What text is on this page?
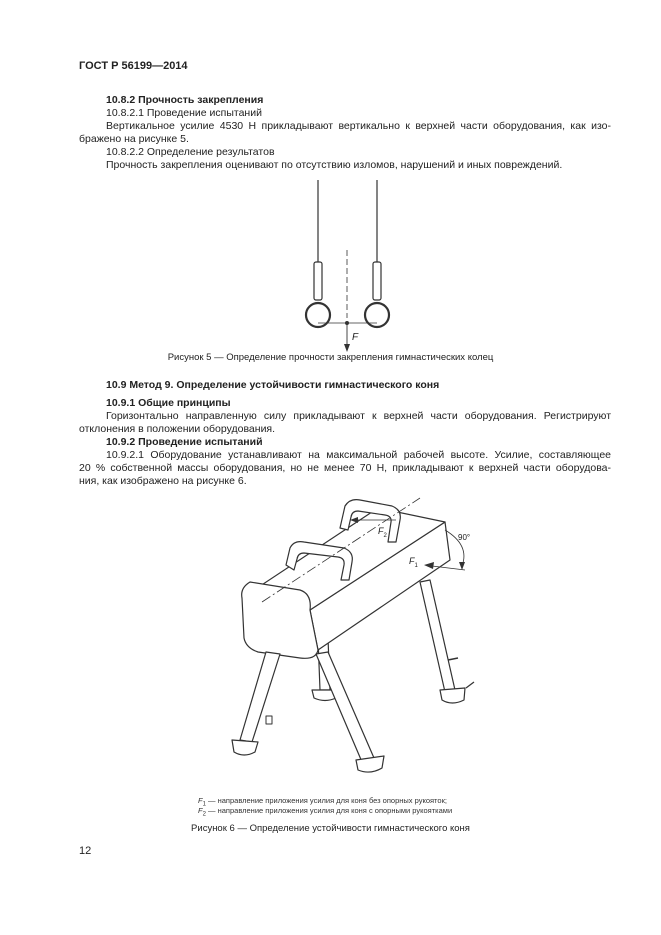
ГОСТ Р 56199—2014
10.8.2 Прочность закрепления
10.8.2.1 Проведение испытаний
Вертикальное усилие 4530 Н прикладывают вертикально к верхней части оборудования, как изо-
бражено на рисунке 5.
10.8.2.2 Определение результатов
Прочность закрепления оценивают по отсутствию изломов, нарушений и иных повреждений.
F
Рисунок 5 — Определение прочности закрепления гимнастических колец
10.9 Метод 9. Определение устойчивости гимнастического коня
10.9.1 Общие принципы
Горизонтально направленную силу прикладывают к верхней части оборудования. Регистрируют
отклонения в положении оборудования.
10.9.2 Проведение испытаний
10.9.2.1 Оборудование устанавливают на максимальной рабочей высоте. Усилие, составляющее
20 % собственной массы оборудования, но не менее 70 Н, прикладывают к верхней части оборудова-
ния, как изображено на рисунке 6.
90°
$F_2$
$F_1$
$F_1$ — направление приложения усилия для коня без опорных рукояток;
$F_2$ — направление приложения усилия для коня с опорными рукоятками
Рисунок 6 — Определение устойчивости гимнастического коня
12
